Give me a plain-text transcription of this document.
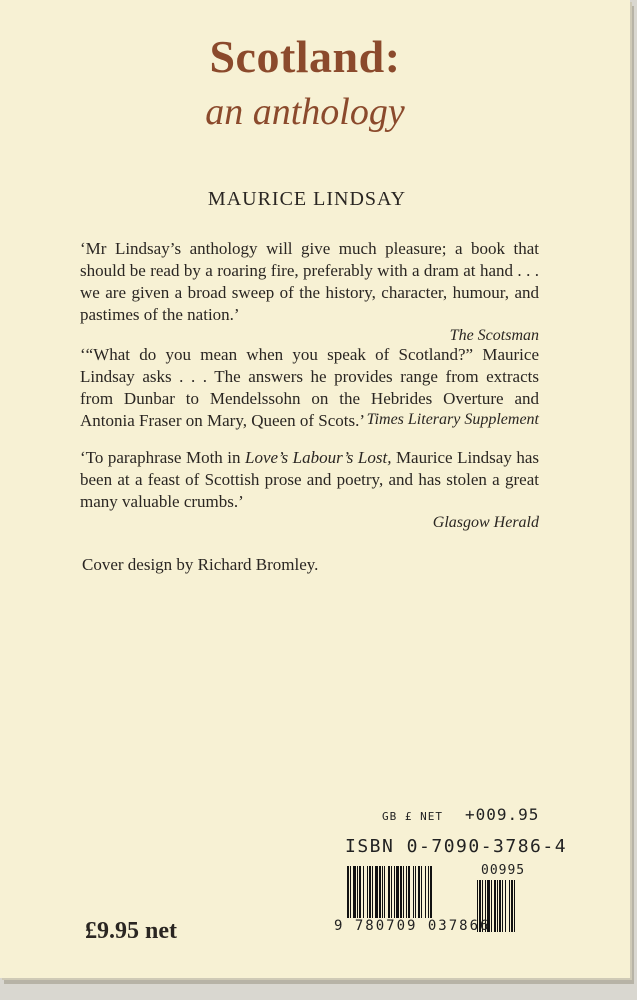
Scotland:
an anthology
MAURICE LINDSAY
‘Mr Lindsay’s anthology will give much pleasure; a book that should be read by a roaring fire, preferably with a dram at hand . . . we are given a broad sweep of the history, character, humour, and pastimes of the nation.’
The Scotsman
‘“What do you mean when you speak of Scotland?” Maurice Lindsay asks . . . The answers he provides range from extracts from Dunbar to Mendelssohn on the Hebrides Overture and Antonia Fraser on Mary, Queen of Scots.’ Times Literary Supplement
‘To paraphrase Moth in Love’s Labour’s Lost, Maurice Lindsay has been at a feast of Scottish prose and poetry, and has stolen a great many valuable crumbs.’
Glasgow Herald
Cover design by Richard Bromley.
GB £ NET +009.95
ISBN 0-7090-3786-4
00995
9 780709 037866
£9.95 net
